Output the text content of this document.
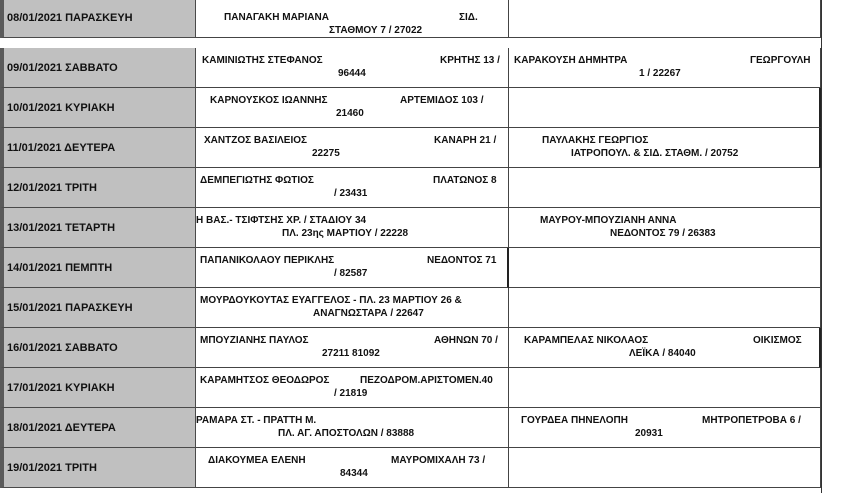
08/01/2021 ΠΑΡΑΣΚΕΥΗ	ΠΑΝΑΓΑΚΗ ΜΑΡΙΑΝΑ	ΣΙΔ.
ΣΤΑΘΜΟΥ 7 / 27022
09/01/2021 ΣΑΒΒΑΤΟ
ΚΑΜΙΝΙΩΤΗΣ ΣΤΕΦΑΝΟΣ	ΚΡΗΤΗΣ 13 /
96444
ΚΑΡΑΚΟΥΣΗ ΔΗΜΗΤΡΑ	ΓΕΩΡΓΟΥΛΗ
1 / 22267
10/01/2021 ΚΥΡΙΑΚΗ
ΚΑΡΝΟΥΣΚΟΣ ΙΩΑΝΝΗΣ	ΑΡΤΕΜΙΔΟΣ 103 /
21460
11/01/2021 ΔΕΥΤΕΡΑ
ΧΑΝΤΖΟΣ ΒΑΣΙΛΕΙΟΣ	ΚΑΝΑΡΗ 21 /
22275
ΠΑΥΛΑΚΗΣ ΓΕΩΡΓΙΟΣ
ΙΑΤΡΟΠΟΥΛ. & ΣΙΔ. ΣΤΑΘΜ. / 20752
12/01/2021 ΤΡΙΤΗ
ΔΕΜΠΕΓΙΩΤΗΣ ΦΩΤΙΟΣ	ΠΛΑΤΩΝΟΣ 8
/ 23431
13/01/2021 ΤΕΤΑΡΤΗ
Η ΒΑΣ.- ΤΣΙΦΤΣΗΣ ΧΡ. / ΣΤΑΔΙΟΥ 34
ΠΛ. 23ης ΜΑΡΤΙΟΥ / 22228
ΜΑΥΡΟΥ-ΜΠΟΥΖΙΑΝΗ ΑΝΝΑ
ΝΕΔΟΝΤΟΣ 79 / 26383
14/01/2021 ΠΕΜΠΤΗ
ΠΑΠΑΝΙΚΟΛΑΟΥ ΠΕΡΙΚΛΗΣ	ΝΕΔΟΝΤΟΣ 71
/ 82587
15/01/2021 ΠΑΡΑΣΚΕΥΗ
ΜΟΥΡΔΟΥΚΟΥΤΑΣ ΕΥΑΓΓΕΛΟΣ - ΠΛ. 23 ΜΑΡΤΙΟΥ 26 &
ΑΝΑΓΝΩΣΤΑΡΑ / 22647
16/01/2021 ΣΑΒΒΑΤΟ
ΜΠΟΥΖΙΑΝΗΣ ΠΑΥΛΟΣ	ΑΘΗΝΩΝ 70 /
27211 81092
ΚΑΡΑΜΠΕΛΑΣ ΝΙΚΟΛΑΟΣ	ΟΙΚΙΣΜΟΣ
ΛΕΪΚΑ / 84040
17/01/2021 ΚΥΡΙΑΚΗ
ΚΑΡΑΜΗΤΣΟΣ ΘΕΟΔΩΡΟΣ	ΠΕΖΟΔΡΟΜ.ΑΡΙΣΤΟΜΕΝ.40
/ 21819
18/01/2021 ΔΕΥΤΕΡΑ
ΡΑΜΑΡΑ ΣΤ. - ΠΡΑΤΤΗ Μ.
ΠΛ. ΑΓ. ΑΠΟΣΤΟΛΩΝ / 83888
ΓΟΥΡΔΕΑ ΠΗΝΕΛΟΠΗ	ΜΗΤΡΟΠΕΤΡΟΒΑ 6 /
20931
19/01/2021 ΤΡΙΤΗ
ΔΙΑΚΟΥΜΕΑ ΕΛΕΝΗ	ΜΑΥΡΟΜΙΧΑΛΗ 73 /
84344
